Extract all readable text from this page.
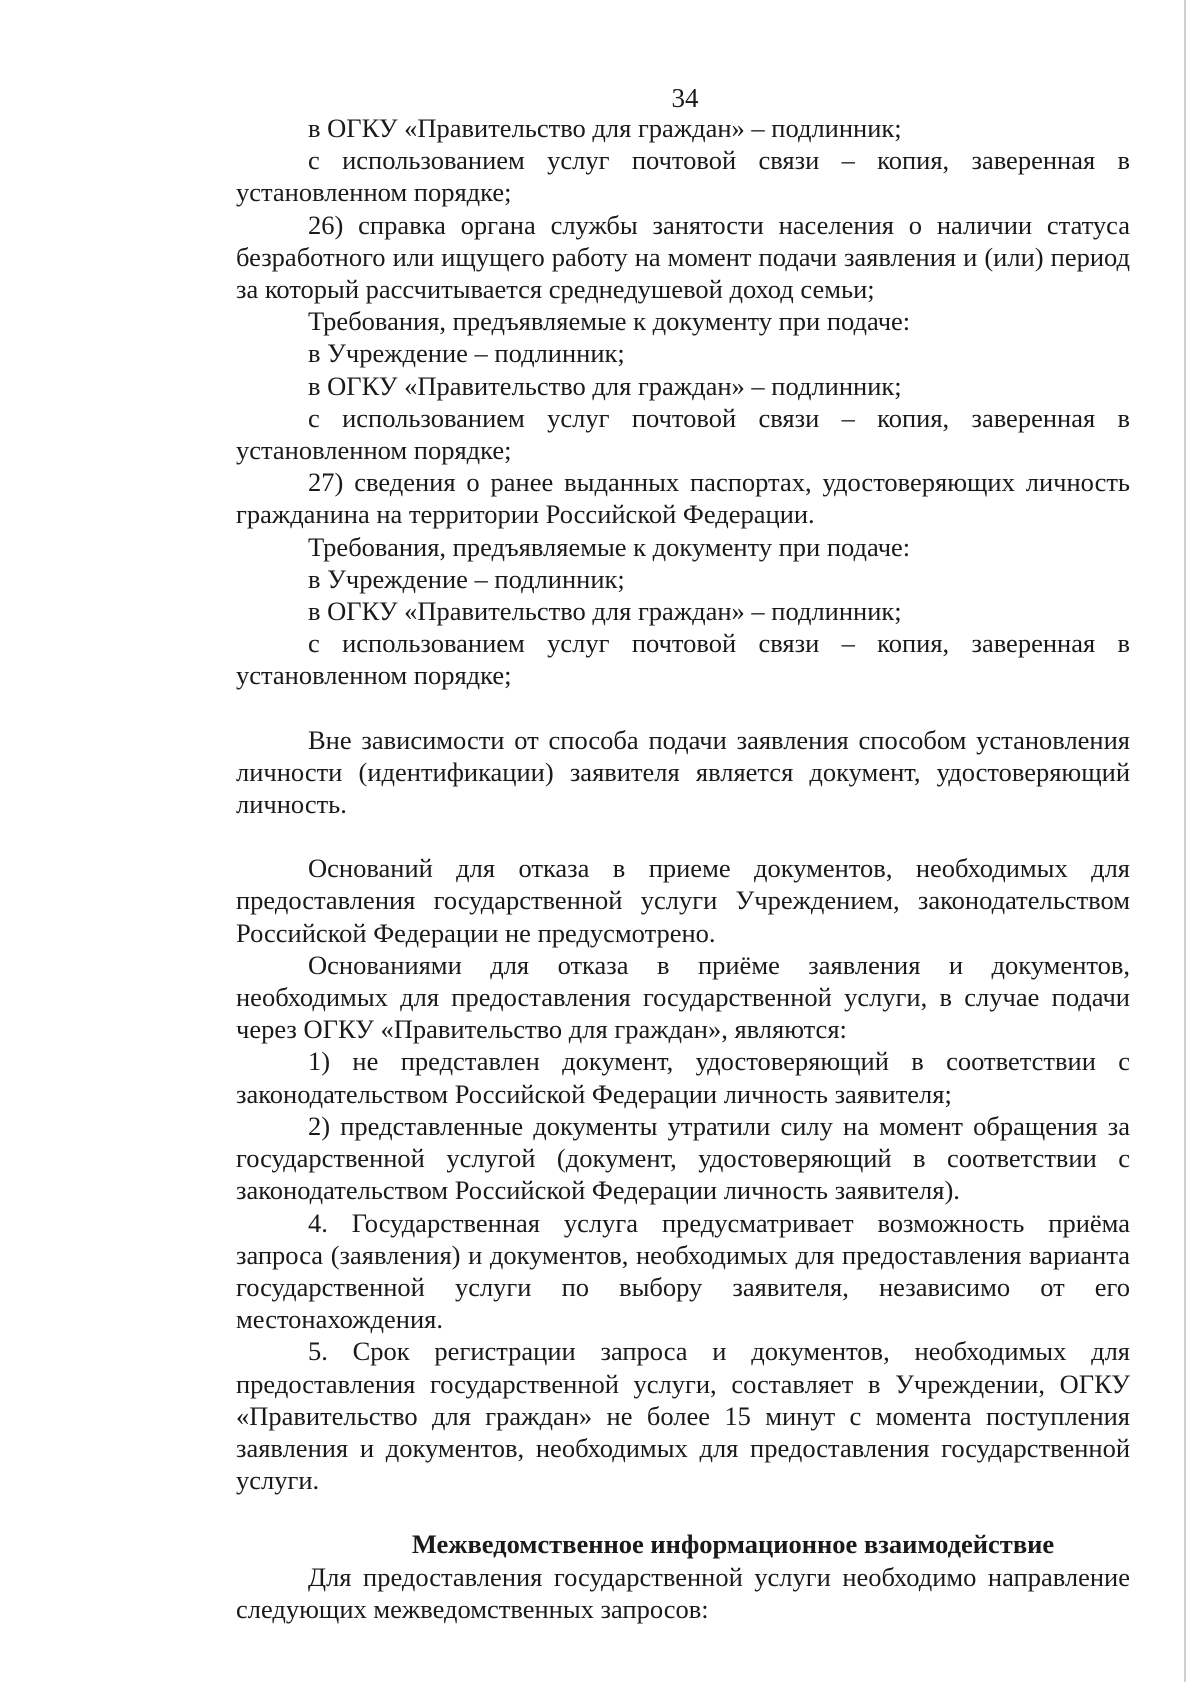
34

в ОГКУ «Правительство для граждан» – подлинник;

с использованием услуг почтовой связи – копия, заверенная в установленном порядке;

26) справка органа службы занятости населения о наличии статуса безработного или ищущего работу на момент подачи заявления и (или) период за который рассчитывается среднедушевой доход семьи;

Требования, предъявляемые к документу при подаче:

в Учреждение – подлинник;

в ОГКУ «Правительство для граждан» – подлинник;

с использованием услуг почтовой связи – копия, заверенная в установленном порядке;

27) сведения о ранее выданных паспортах, удостоверяющих личность гражданина на территории Российской Федерации.

Требования, предъявляемые к документу при подаче:

в Учреждение – подлинник;

в ОГКУ «Правительство для граждан» – подлинник;

с использованием услуг почтовой связи – копия, заверенная в установленном порядке;

Вне зависимости от способа подачи заявления способом установления личности (идентификации) заявителя является документ, удостоверяющий личность.

Оснований для отказа в приеме документов, необходимых для предоставления государственной услуги Учреждением, законодательством Российской Федерации не предусмотрено.

Основаниями для отказа в приёме заявления и документов, необходимых для предоставления государственной услуги, в случае подачи через ОГКУ «Правительство для граждан», являются:

1) не представлен документ, удостоверяющий в соответствии с законодательством Российской Федерации личность заявителя;

2) представленные документы утратили силу на момент обращения за государственной услугой (документ, удостоверяющий в соответствии с законодательством Российской Федерации личность заявителя).

4. Государственная услуга предусматривает возможность приёма запроса (заявления) и документов, необходимых для предоставления варианта государственной услуги по выбору заявителя, независимо от его местонахождения.

5. Срок регистрации запроса и документов, необходимых для предоставления государственной услуги, составляет в Учреждении, ОГКУ «Правительство для граждан» не более 15 минут с момента поступления заявления и документов, необходимых для предоставления государственной услуги.

Межведомственное информационное взаимодействие

Для предоставления государственной услуги необходимо направление следующих межведомственных запросов:
